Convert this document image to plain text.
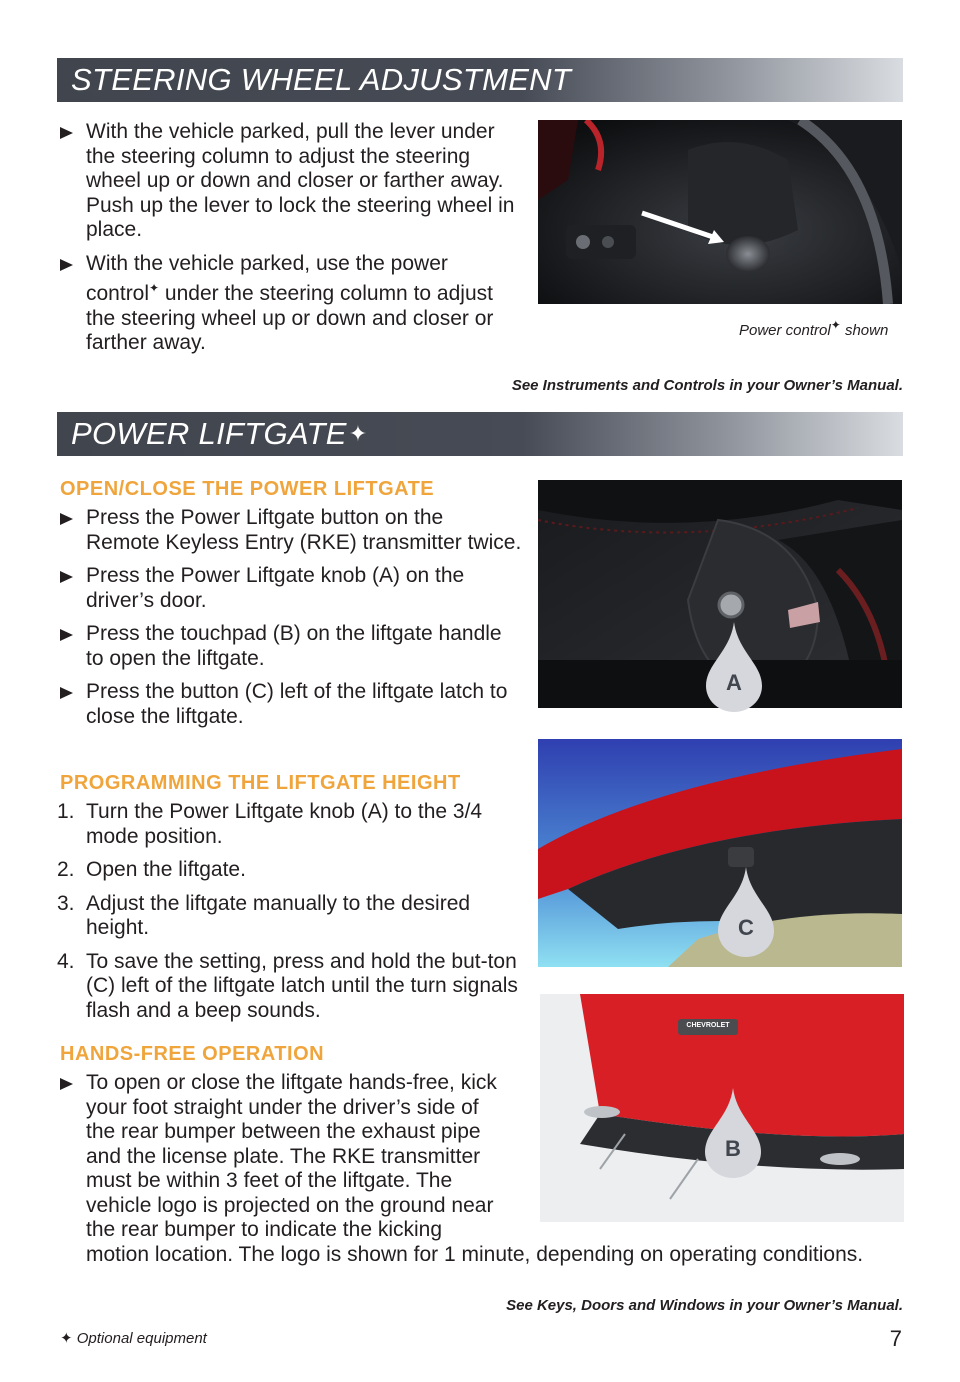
STEERING WHEEL ADJUSTMENT
With the vehicle parked, pull the lever under the steering column to adjust the steering wheel up or down and closer or farther away. Push up the lever to lock the steering wheel in place.
With the vehicle parked, use the power control✦ under the steering column to adjust the steering wheel up or down and closer or farther away.
Power control✦ shown
See Instruments and Controls in your Owner’s Manual.
POWER LIFTGATE✦
OPEN/CLOSE THE POWER LIFTGATE
Press the Power Liftgate button on the Remote Keyless Entry (RKE) transmitter twice.
Press the Power Liftgate knob (A) on the driver’s door.
Press the touchpad (B) on the liftgate handle to open the liftgate.
Press the button (C) left of the liftgate latch to close the liftgate.
PROGRAMMING THE LIFTGATE HEIGHT
1. Turn the Power Liftgate knob (A) to the 3/4 mode position.
2. Open the liftgate.
3. Adjust the liftgate manually to the desired height.
4. To save the setting, press and hold the but-ton (C) left of the liftgate latch until the turn signals flash and a beep sounds.
HANDS-FREE OPERATION
To open or close the liftgate hands-free, kick
your foot straight under the driver’s side of
the rear bumper between the exhaust pipe
and the license plate. The RKE transmitter
must be within 3 feet of the liftgate. The
vehicle logo is projected on the ground near
the rear bumper to indicate the kicking
motion location. The logo is shown for 1 minute, depending on operating conditions.
A
C
CHEVROLET
B
See Keys, Doors and Windows in your Owner’s Manual.
✦ Optional equipment	7
